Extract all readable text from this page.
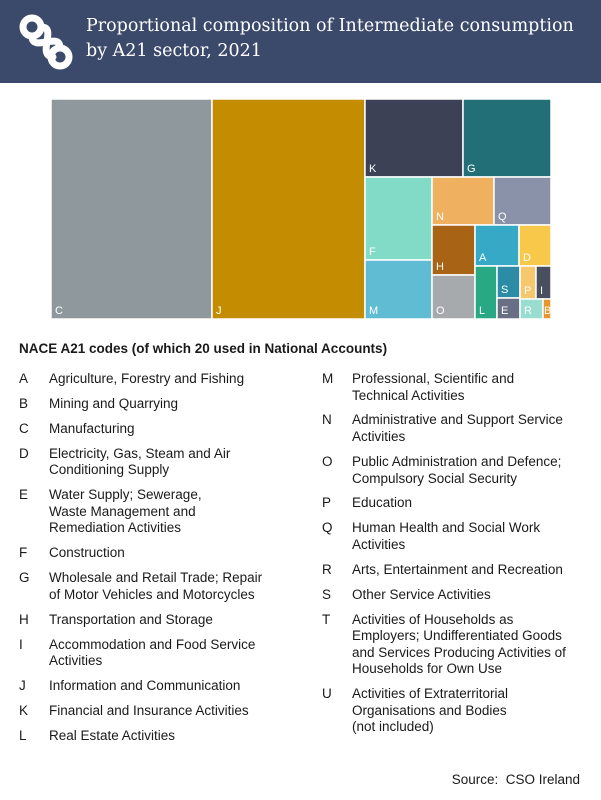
Proportional composition of Intermediate consumption by A21 sector, 2021
C	J
K	G
F
M
N	Q
H
A	D
O	L
S
E
P I
R B
NACE A21 codes (of which 20 used in National Accounts)
A	Agriculture, Forestry and Fishing
B	Mining and Quarrying
C	Manufacturing
D	Electricity, Gas, Steam and Air
Conditioning Supply
E	Water Supply; Sewerage,
Waste Management and
Remediation Activities
F	Construction
G	Wholesale and Retail Trade; Repair
of Motor Vehicles and Motorcycles
H	Transportation and Storage
I	Accommodation and Food Service
Activities
J	Information and Communication
K	Financial and Insurance Activities
L	Real Estate Activities
M	Professional, Scientific and
Technical Activities
N	Administrative and Support Service
Activities
O	Public Administration and Defence;
Compulsory Social Security
P	Education
Q	Human Health and Social Work
Activities
R	Arts, Entertainment and Recreation
S	Other Service Activities
T	Activities of Households as
Employers; Undifferentiated Goods
and Services Producing Activities of
Households for Own Use
U	Activities of Extraterritorial
Organisations and Bodies
(not included)
Source:  CSO Ireland
